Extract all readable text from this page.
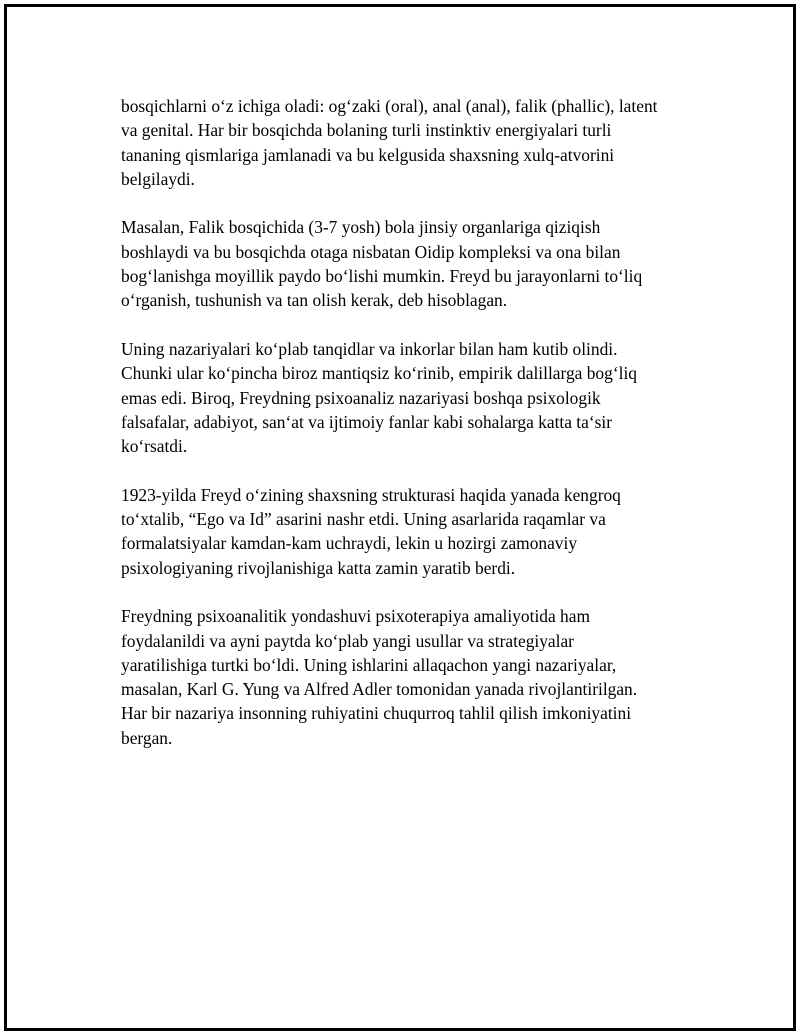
bosqichlarni o‘z ichiga oladi: og‘zaki (oral), anal (anal), falik (phallic), latent
va genital. Har bir bosqichda bolaning turli instinktiv energiyalari turli
tananing qismlariga jamlanadi va bu kelgusida shaxsning xulq-atvorini
belgilaydi.

Masalan, Falik bosqichida (3-7 yosh) bola jinsiy organlariga qiziqish
boshlaydi va bu bosqichda otaga nisbatan Oidip kompleksi va ona bilan
bog‘lanishga moyillik paydo bo‘lishi mumkin. Freyd bu jarayonlarni to‘liq
o‘rganish, tushunish va tan olish kerak, deb hisoblagan.

Uning nazariyalari ko‘plab tanqidlar va inkorlar bilan ham kutib olindi.
Chunki ular ko‘pincha biroz mantiqsiz ko‘rinib, empirik dalillarga bog‘liq
emas edi. Biroq, Freydning psixoanaliz nazariyasi boshqa psixologik
falsafalar, adabiyot, san‘at va ijtimoiy fanlar kabi sohalarga katta ta‘sir
ko‘rsatdi.

1923-yilda Freyd o‘zining shaxsning strukturasi haqida yanada kengroq
to‘xtalib, “Ego va Id” asarini nashr etdi. Uning asarlarida raqamlar va
formalatsiyalar kamdan-kam uchraydi, lekin u hozirgi zamonaviy
psixologiyaning rivojlanishiga katta zamin yaratib berdi.

Freydning psixoanalitik yondashuvi psixoterapiya amaliyotida ham
foydalanildi va ayni paytda ko‘plab yangi usullar va strategiyalar
yaratilishiga turtki bo‘ldi. Uning ishlarini allaqachon yangi nazariyalar,
masalan, Karl G. Yung va Alfred Adler tomonidan yanada rivojlantirilgan.
Har bir nazariya insonning ruhiyatini chuqurroq tahlil qilish imkoniyatini
bergan.
